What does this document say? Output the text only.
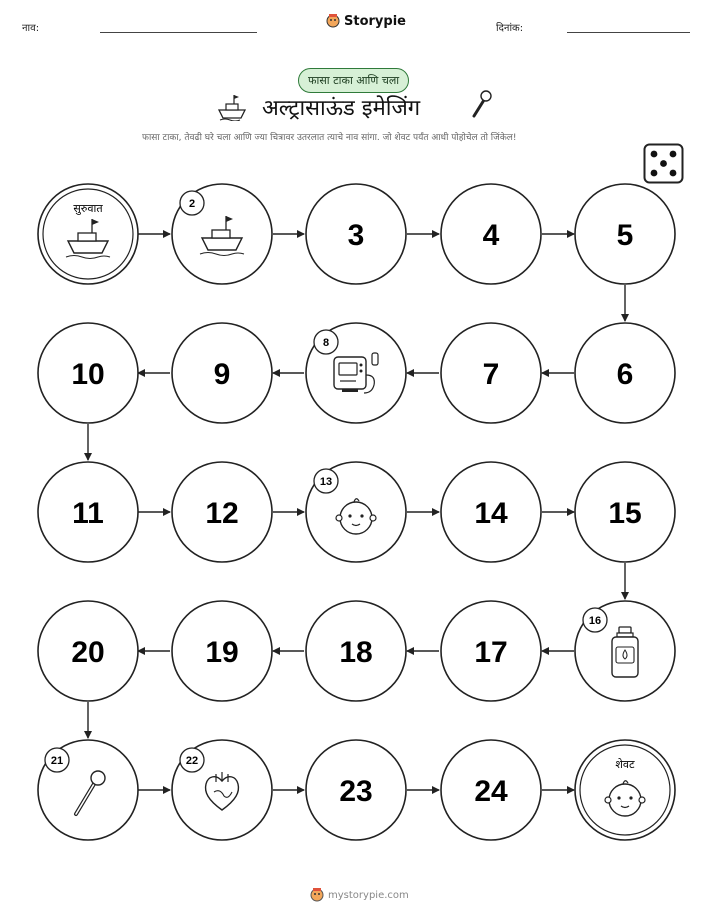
नाव:	Storypie	दिनांक:
फासा टाका आणि चला
अल्ट्रासाऊंड इमेजिंग
फासा टाका, तेवढी घरे चला आणि ज्या चित्रावर उतरलात त्याचे नाव सांगा. जो शेवट पर्यंत आधी पोहोचेल तो जिंकेल!
सुरुवात	2
3	4	5
10	9
8
7	6
11	12
13
14	15
20	19	18	17
16
21	22
23	24
शेवट
mystorypie.com
